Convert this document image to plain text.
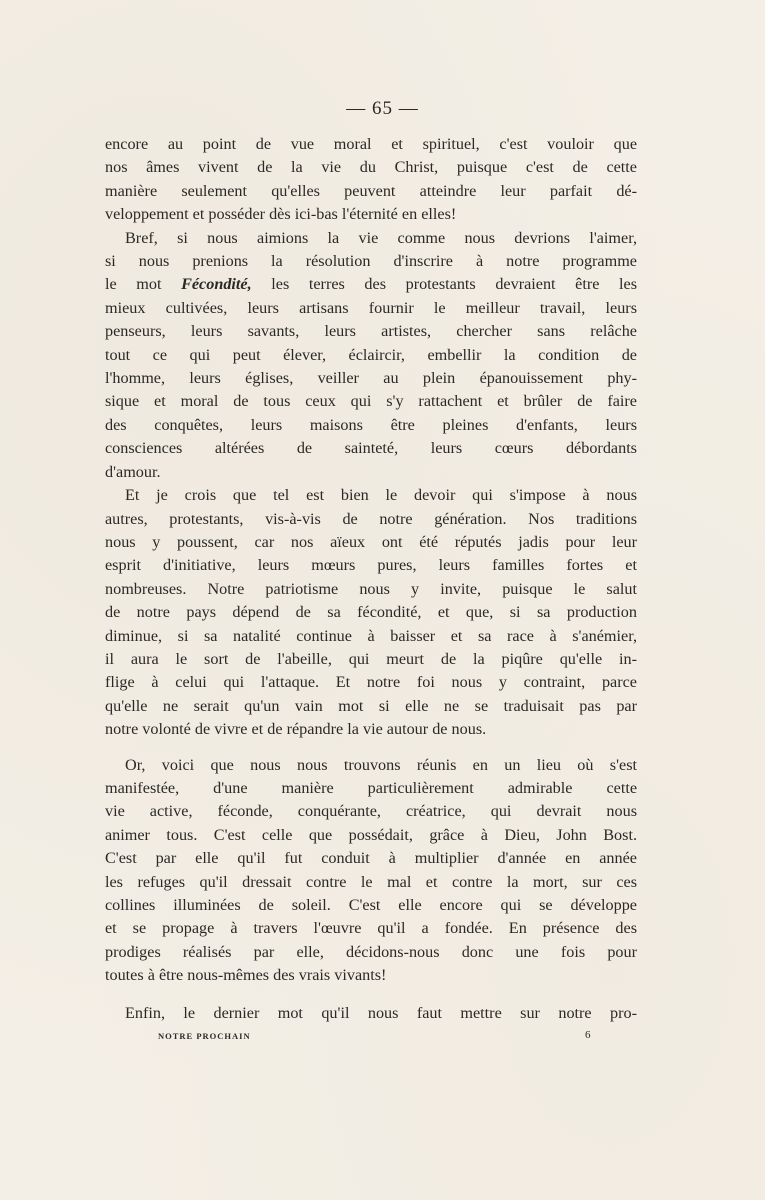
— 65 —
encore au point de vue moral et spirituel, c'est vouloir que
nos âmes vivent de la vie du Christ, puisque c'est de cette
manière seulement qu'elles peuvent atteindre leur parfait dé-
veloppement et posséder dès ici-bas l'éternité en elles!
Bref, si nous aimions la vie comme nous devrions l'aimer,
si nous prenions la résolution d'inscrire à notre programme
le mot Fécondité, les terres des protestants devraient être les
mieux cultivées, leurs artisans fournir le meilleur travail, leurs
penseurs, leurs savants, leurs artistes, chercher sans relâche
tout ce qui peut élever, éclaircir, embellir la condition de
l'homme, leurs églises, veiller au plein épanouissement phy-
sique et moral de tous ceux qui s'y rattachent et brûler de faire
des conquêtes, leurs maisons être pleines d'enfants, leurs
consciences altérées de sainteté, leurs cœurs débordants
d'amour.
Et je crois que tel est bien le devoir qui s'impose à nous
autres, protestants, vis-à-vis de notre génération. Nos traditions
nous y poussent, car nos aïeux ont été réputés jadis pour leur
esprit d'initiative, leurs mœurs pures, leurs familles fortes et
nombreuses. Notre patriotisme nous y invite, puisque le salut
de notre pays dépend de sa fécondité, et que, si sa production
diminue, si sa natalité continue à baisser et sa race à s'anémier,
il aura le sort de l'abeille, qui meurt de la piqûre qu'elle in-
flige à celui qui l'attaque. Et notre foi nous y contraint, parce
qu'elle ne serait qu'un vain mot si elle ne se traduisait pas par
notre volonté de vivre et de répandre la vie autour de nous.
Or, voici que nous nous trouvons réunis en un lieu où s'est
manifestée, d'une manière particulièrement admirable cette
vie active, féconde, conquérante, créatrice, qui devrait nous
animer tous. C'est celle que possédait, grâce à Dieu, John Bost.
C'est par elle qu'il fut conduit à multiplier d'année en année
les refuges qu'il dressait contre le mal et contre la mort, sur ces
collines illuminées de soleil. C'est elle encore qui se développe
et se propage à travers l'œuvre qu'il a fondée. En présence des
prodiges réalisés par elle, décidons-nous donc une fois pour
toutes à être nous-mêmes des vrais vivants!
Enfin, le dernier mot qu'il nous faut mettre sur notre pro-
NOTRE PROCHAIN	6
